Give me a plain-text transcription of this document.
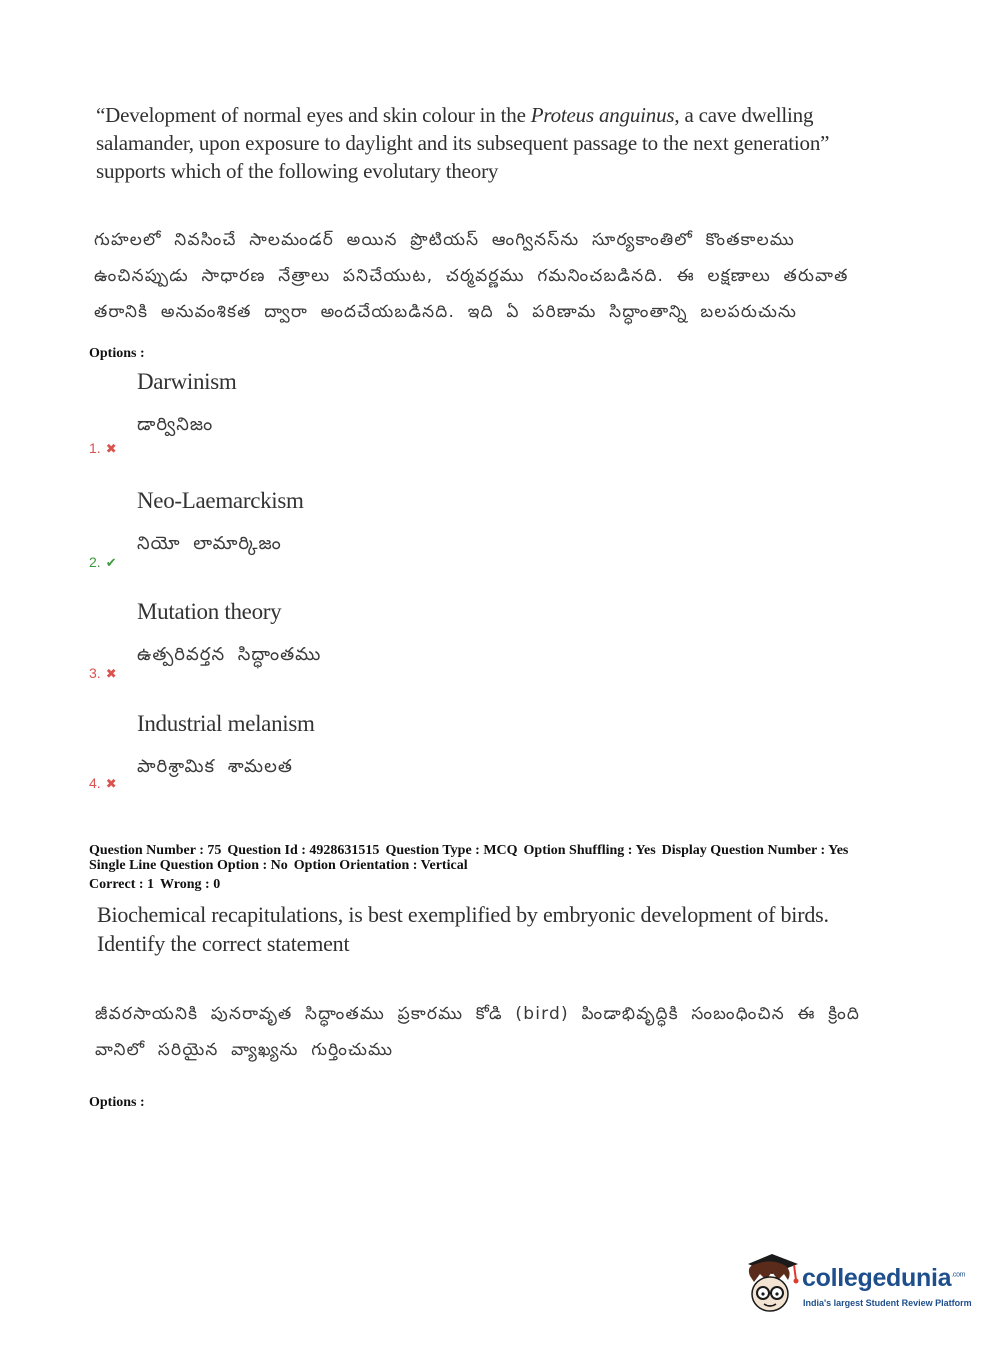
“Development of normal eyes and skin colour in the Proteus anguinus, a cave dwelling salamander, upon exposure to daylight and its subsequent passage to the next generation” supports which of the following evolutary theory
గుహలలో నివసించే సాలమండర్ అయిన ప్రొటియస్ ఆంగ్వినస్‌ను సూర్యకాంతిలో కొంతకాలము ఉంచినప్పుడు సాధారణ నేత్రాలు పనిచేయుట, చర్మవర్ణము గమనించబడినది. ఈ లక్షణాలు తరువాత తరానికి అనువంశికత ద్వారా అందచేయబడినది. ఇది ఏ పరిణామ సిద్ధాంతాన్ని బలపరుచును
Options :
Darwinism
డార్వినిజం
1. ✖
Neo-Laemarckism
నియో లామార్కిజం
2. ✔
Mutation theory
ఉత్పరివర్తన సిద్ధాంతము
3. ✖
Industrial melanism
పారిశ్రామిక శామలత
4. ✖
Question Number : 75 Question Id : 4928631515 Question Type : MCQ Option Shuffling : Yes Display Question Number : Yes
Single Line Question Option : No Option Orientation : Vertical
Correct : 1 Wrong : 0
Biochemical recapitulations, is best exemplified by embryonic development of birds. Identify the correct statement
జీవరసాయనికి పునరావృత సిద్ధాంతము ప్రకారము కోడి (bird) పిండాభివృద్ధికి సంబంధించిన ఈ క్రింది వానిలో సరియైన వ్యాఖ్యను గుర్తించుము
Options :
collegedunia$^{.com}$
India's largest Student Review Platform
